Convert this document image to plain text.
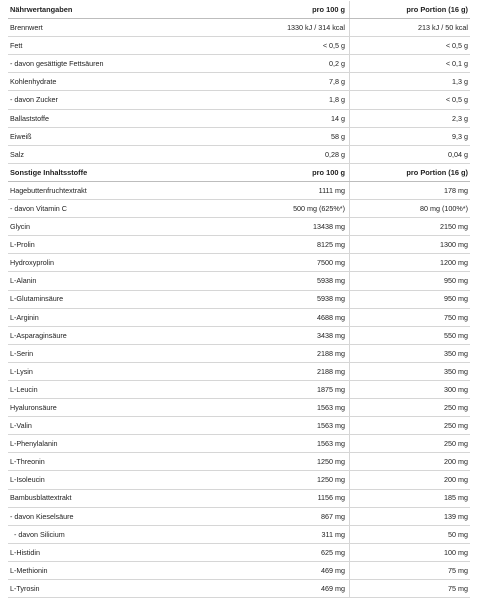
Nährwertangaben	pro 100 g	pro Portion (16 g)
Brennwert	1330 kJ / 314 kcal	213 kJ / 50 kcal
Fett	< 0,5 g	< 0,5 g
- davon gesättigte Fettsäuren	0,2 g	< 0,1 g
Kohlenhydrate	7,8 g	1,3 g
- davon Zucker	1,8 g	< 0,5 g
Ballaststoffe	14 g	2,3 g
Eiweiß	58 g	9,3 g
Salz	0,28 g	0,04 g
Sonstige Inhaltsstoffe	pro 100 g	pro Portion (16 g)
Hagebuttenfruchtextrakt	1111 mg	178 mg
- davon Vitamin C	500 mg (625%*)	80 mg (100%*)
Glycin	13438 mg	2150 mg
L-Prolin	8125 mg	1300 mg
Hydroxyprolin	7500 mg	1200 mg
L-Alanin	5938 mg	950 mg
L-Glutaminsäure	5938 mg	950 mg
L-Arginin	4688 mg	750 mg
L-Asparaginsäure	3438 mg	550 mg
L-Serin	2188 mg	350 mg
L-Lysin	2188 mg	350 mg
L-Leucin	1875 mg	300 mg
Hyaluronsäure	1563 mg	250 mg
L-Valin	1563 mg	250 mg
L-Phenylalanin	1563 mg	250 mg
L-Threonin	1250 mg	200 mg
L-Isoleucin	1250 mg	200 mg
Bambusblattextrakt	1156 mg	185 mg
- davon Kieselsäure	867 mg	139 mg
- davon Silicium	311 mg	50 mg
L-Histidin	625 mg	100 mg
L-Methionin	469 mg	75 mg
L-Tyrosin	469 mg	75 mg
